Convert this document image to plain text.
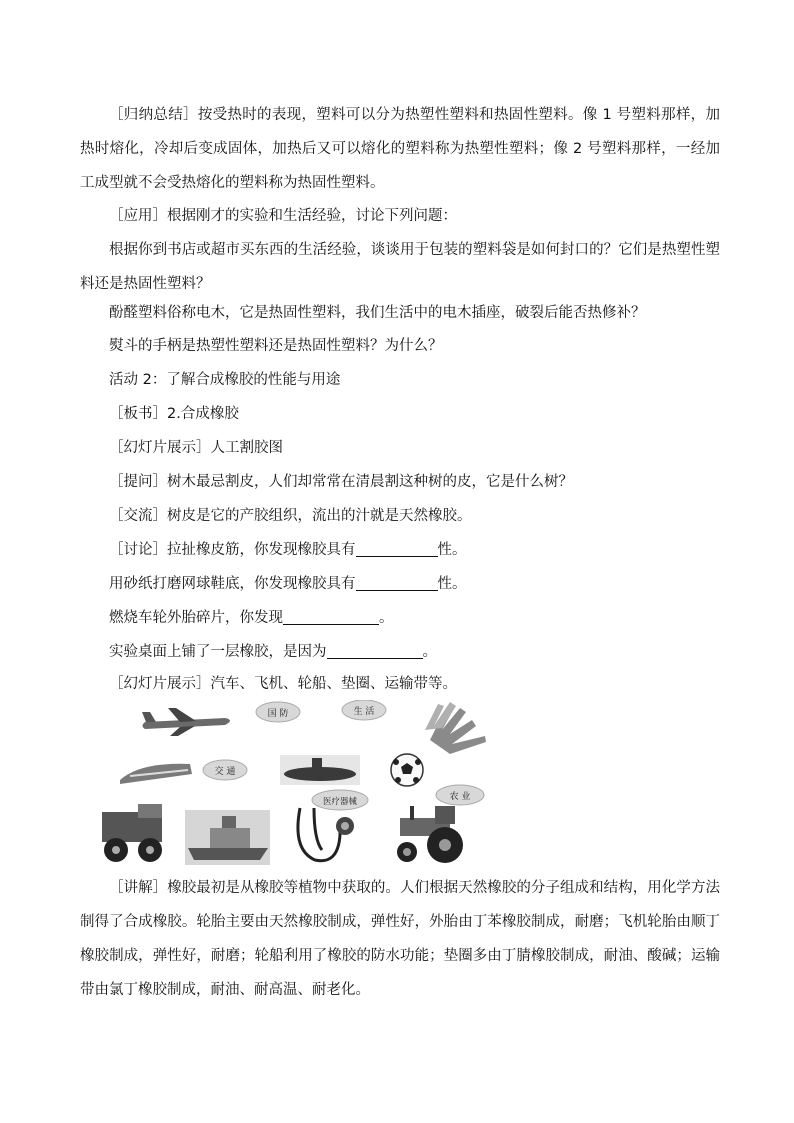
［归纳总结］按受热时的表现，塑料可以分为热塑性塑料和热固性塑料。像 1 号塑料那样，加热时熔化，冷却后变成固体，加热后又可以熔化的塑料称为热塑性塑料；像 2 号塑料那样，一经加工成型就不会受热熔化的塑料称为热固性塑料。

［应用］根据刚才的实验和生活经验，讨论下列问题：

根据你到书店或超市买东西的生活经验，谈谈用于包装的塑料袋是如何封口的？它们是热塑性塑料还是热固性塑料？

酚醛塑料俗称电木，它是热固性塑料，我们生活中的电木插座，破裂后能否热修补？

熨斗的手柄是热塑性塑料还是热固性塑料？为什么？

活动 2：了解合成橡胶的性能与用途

［板书］2.合成橡胶

［幻灯片展示］人工割胶图

［提问］树木最忌割皮，人们却常常在清晨割这种树的皮，它是什么树？

［交流］树皮是它的产胶组织，流出的汁就是天然橡胶。

［讨论］拉扯橡皮筋，你发现橡胶具有	性。

用砂纸打磨网球鞋底，你发现橡胶具有	性。

燃烧车轮外胎碎片，你发现	。

实验桌面上铺了一层橡胶，是因为	。

［幻灯片展示］汽车、飞机、轮船、垫圈、运输带等。

国 防	生 活
交 通
农 业
医疗器械

［讲解］橡胶最初是从橡胶等植物中获取的。人们根据天然橡胶的分子组成和结构，用化学方法制得了合成橡胶。轮胎主要由天然橡胶制成，弹性好，外胎由丁苯橡胶制成，耐磨；飞机轮胎由顺丁橡胶制成，弹性好，耐磨；轮船利用了橡胶的防水功能；垫圈多由丁腈橡胶制成，耐油、酸碱；运输带由氯丁橡胶制成，耐油、耐高温、耐老化。
